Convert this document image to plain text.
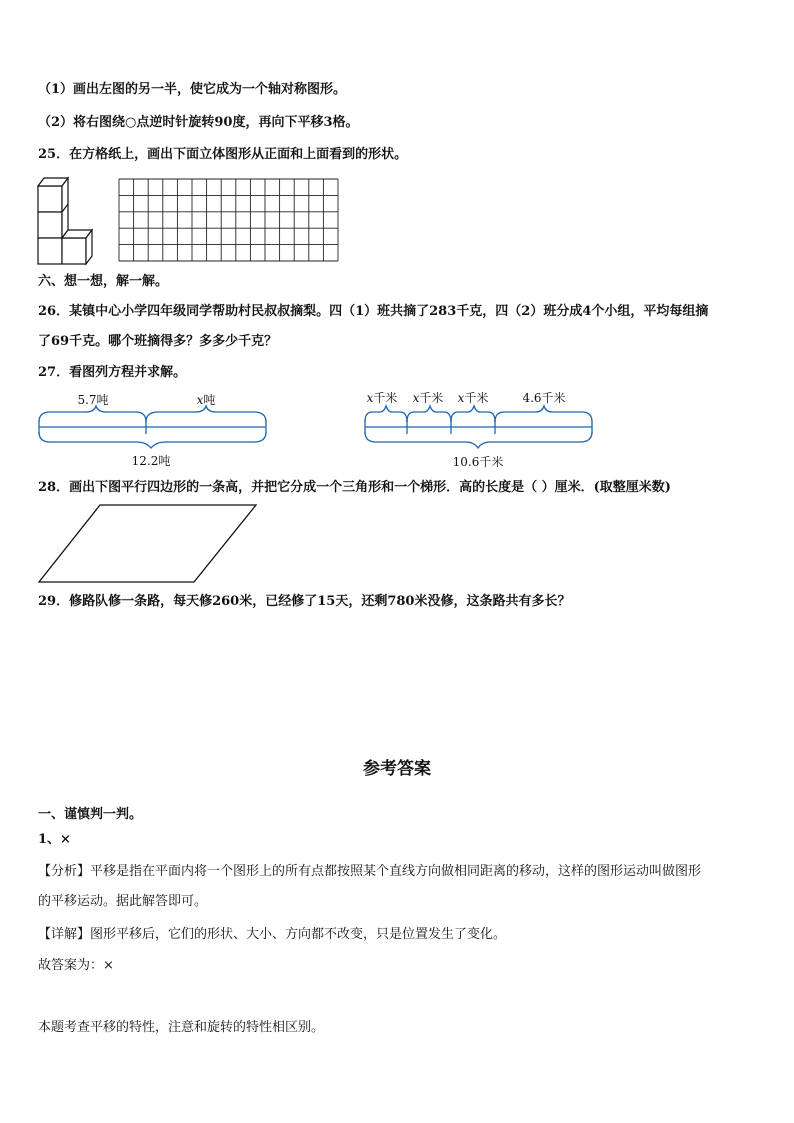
（1）画出左图的另一半，使它成为一个轴对称图形。
（2）将右图绕○点逆时针旋转90度，再向下平移3格。
25．在方格纸上，画出下面立体图形从正面和上面看到的形状。
六、想一想，解一解。
26．某镇中心小学四年级同学帮助村民叔叔摘梨。四（1）班共摘了283千克，四（2）班分成4个小组，平均每组摘
了69千克。哪个班摘得多？多多少千克？
27．看图列方程并求解。
5.7吨	x吨
12.2吨
x千米 x千米 x千米	4.6千米
10.6千米
28．画出下图平行四边形的一条高，并把它分成一个三角形和一个梯形．高的长度是（ ）厘米．(取整厘米数)
29．修路队修一条路，每天修260米，已经修了15天，还剩780米没修，这条路共有多长？
参考答案
一、谨慎判一判。
1、×
【分析】平移是指在平面内将一个图形上的所有点都按照某个直线方向做相同距离的移动，这样的图形运动叫做图形
的平移运动。据此解答即可。
【详解】图形平移后，它们的形状、大小、方向都不改变，只是位置发生了变化。
故答案为：×
本题考查平移的特性，注意和旋转的特性相区别。
